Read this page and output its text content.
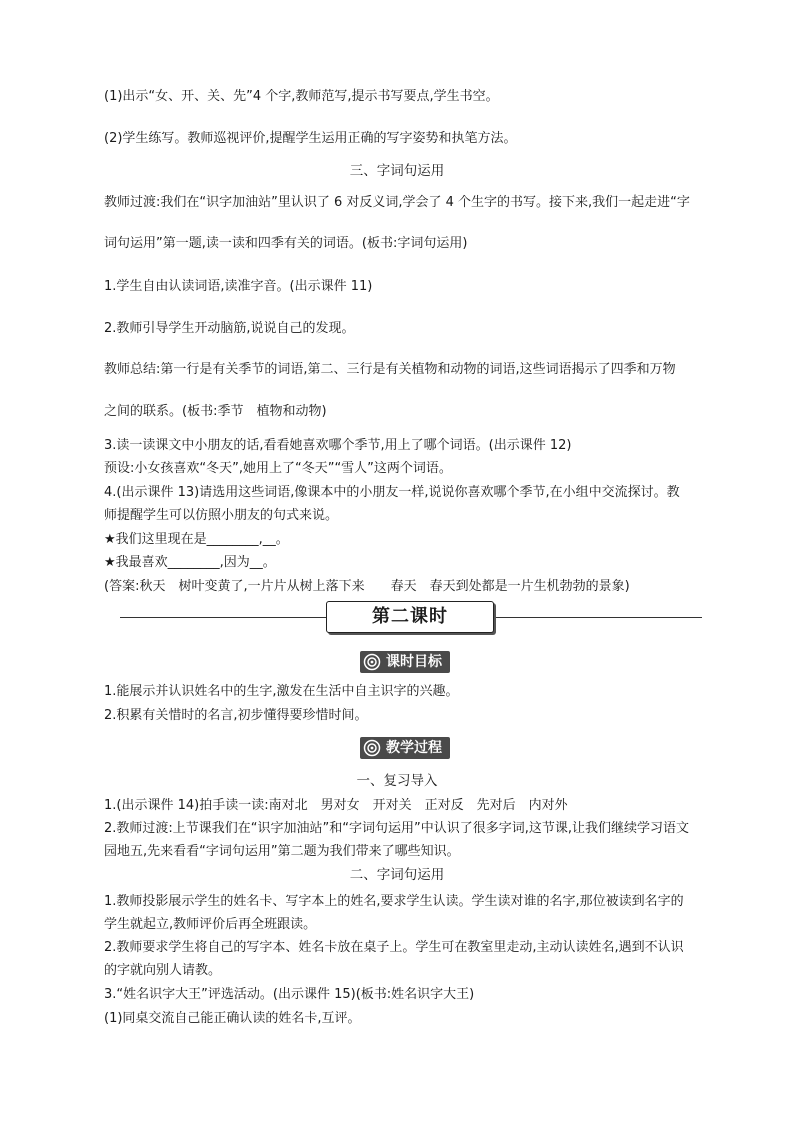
(1)出示“女、开、关、先”4 个字,教师范写,提示书写要点,学生书空。
(2)学生练写。教师巡视评价,提醒学生运用正确的写字姿势和执笔方法。
三、字词句运用
教师过渡:我们在“识字加油站”里认识了 6 对反义词,学会了 4 个生字的书写。接下来,我们一起走进“字
词句运用”第一题,读一读和四季有关的词语。(板书:字词句运用)
1.学生自由认读词语,读准字音。(出示课件 11)
2.教师引导学生开动脑筋,说说自己的发现。
教师总结:第一行是有关季节的词语,第二、三行是有关植物和动物的词语,这些词语揭示了四季和万物
之间的联系。(板书:季节　植物和动物)
3.读一读课文中小朋友的话,看看她喜欢哪个季节,用上了哪个词语。(出示课件 12)
预设:小女孩喜欢“冬天”,她用上了“冬天”“雪人”这两个词语。
4.(出示课件 13)请选用这些词语,像课本中的小朋友一样,说说你喜欢哪个季节,在小组中交流探讨。教
师提醒学生可以仿照小朋友的句式来说。
★我们这里现在是________,__。
★我最喜欢________,因为__。
(答案:秋天　树叶变黄了,一片片从树上落下来　　春天　春天到处都是一片生机勃勃的景象)
第二课时
课时目标
1.能展示并认识姓名中的生字,激发在生活中自主识字的兴趣。
2.积累有关惜时的名言,初步懂得要珍惜时间。
教学过程
一、复习导入
1.(出示课件 14)拍手读一读:南对北　男对女　开对关　正对反　先对后　内对外
2.教师过渡:上节课我们在“识字加油站”和“字词句运用”中认识了很多字词,这节课,让我们继续学习语文
园地五,先来看看“字词句运用”第二题为我们带来了哪些知识。
二、字词句运用
1.教师投影展示学生的姓名卡、写字本上的姓名,要求学生认读。学生读对谁的名字,那位被读到名字的
学生就起立,教师评价后再全班跟读。
2.教师要求学生将自己的写字本、姓名卡放在桌子上。学生可在教室里走动,主动认读姓名,遇到不认识
的字就向别人请教。
3.“姓名识字大王”评选活动。(出示课件 15)(板书:姓名识字大王)
(1)同桌交流自己能正确认读的姓名卡,互评。
